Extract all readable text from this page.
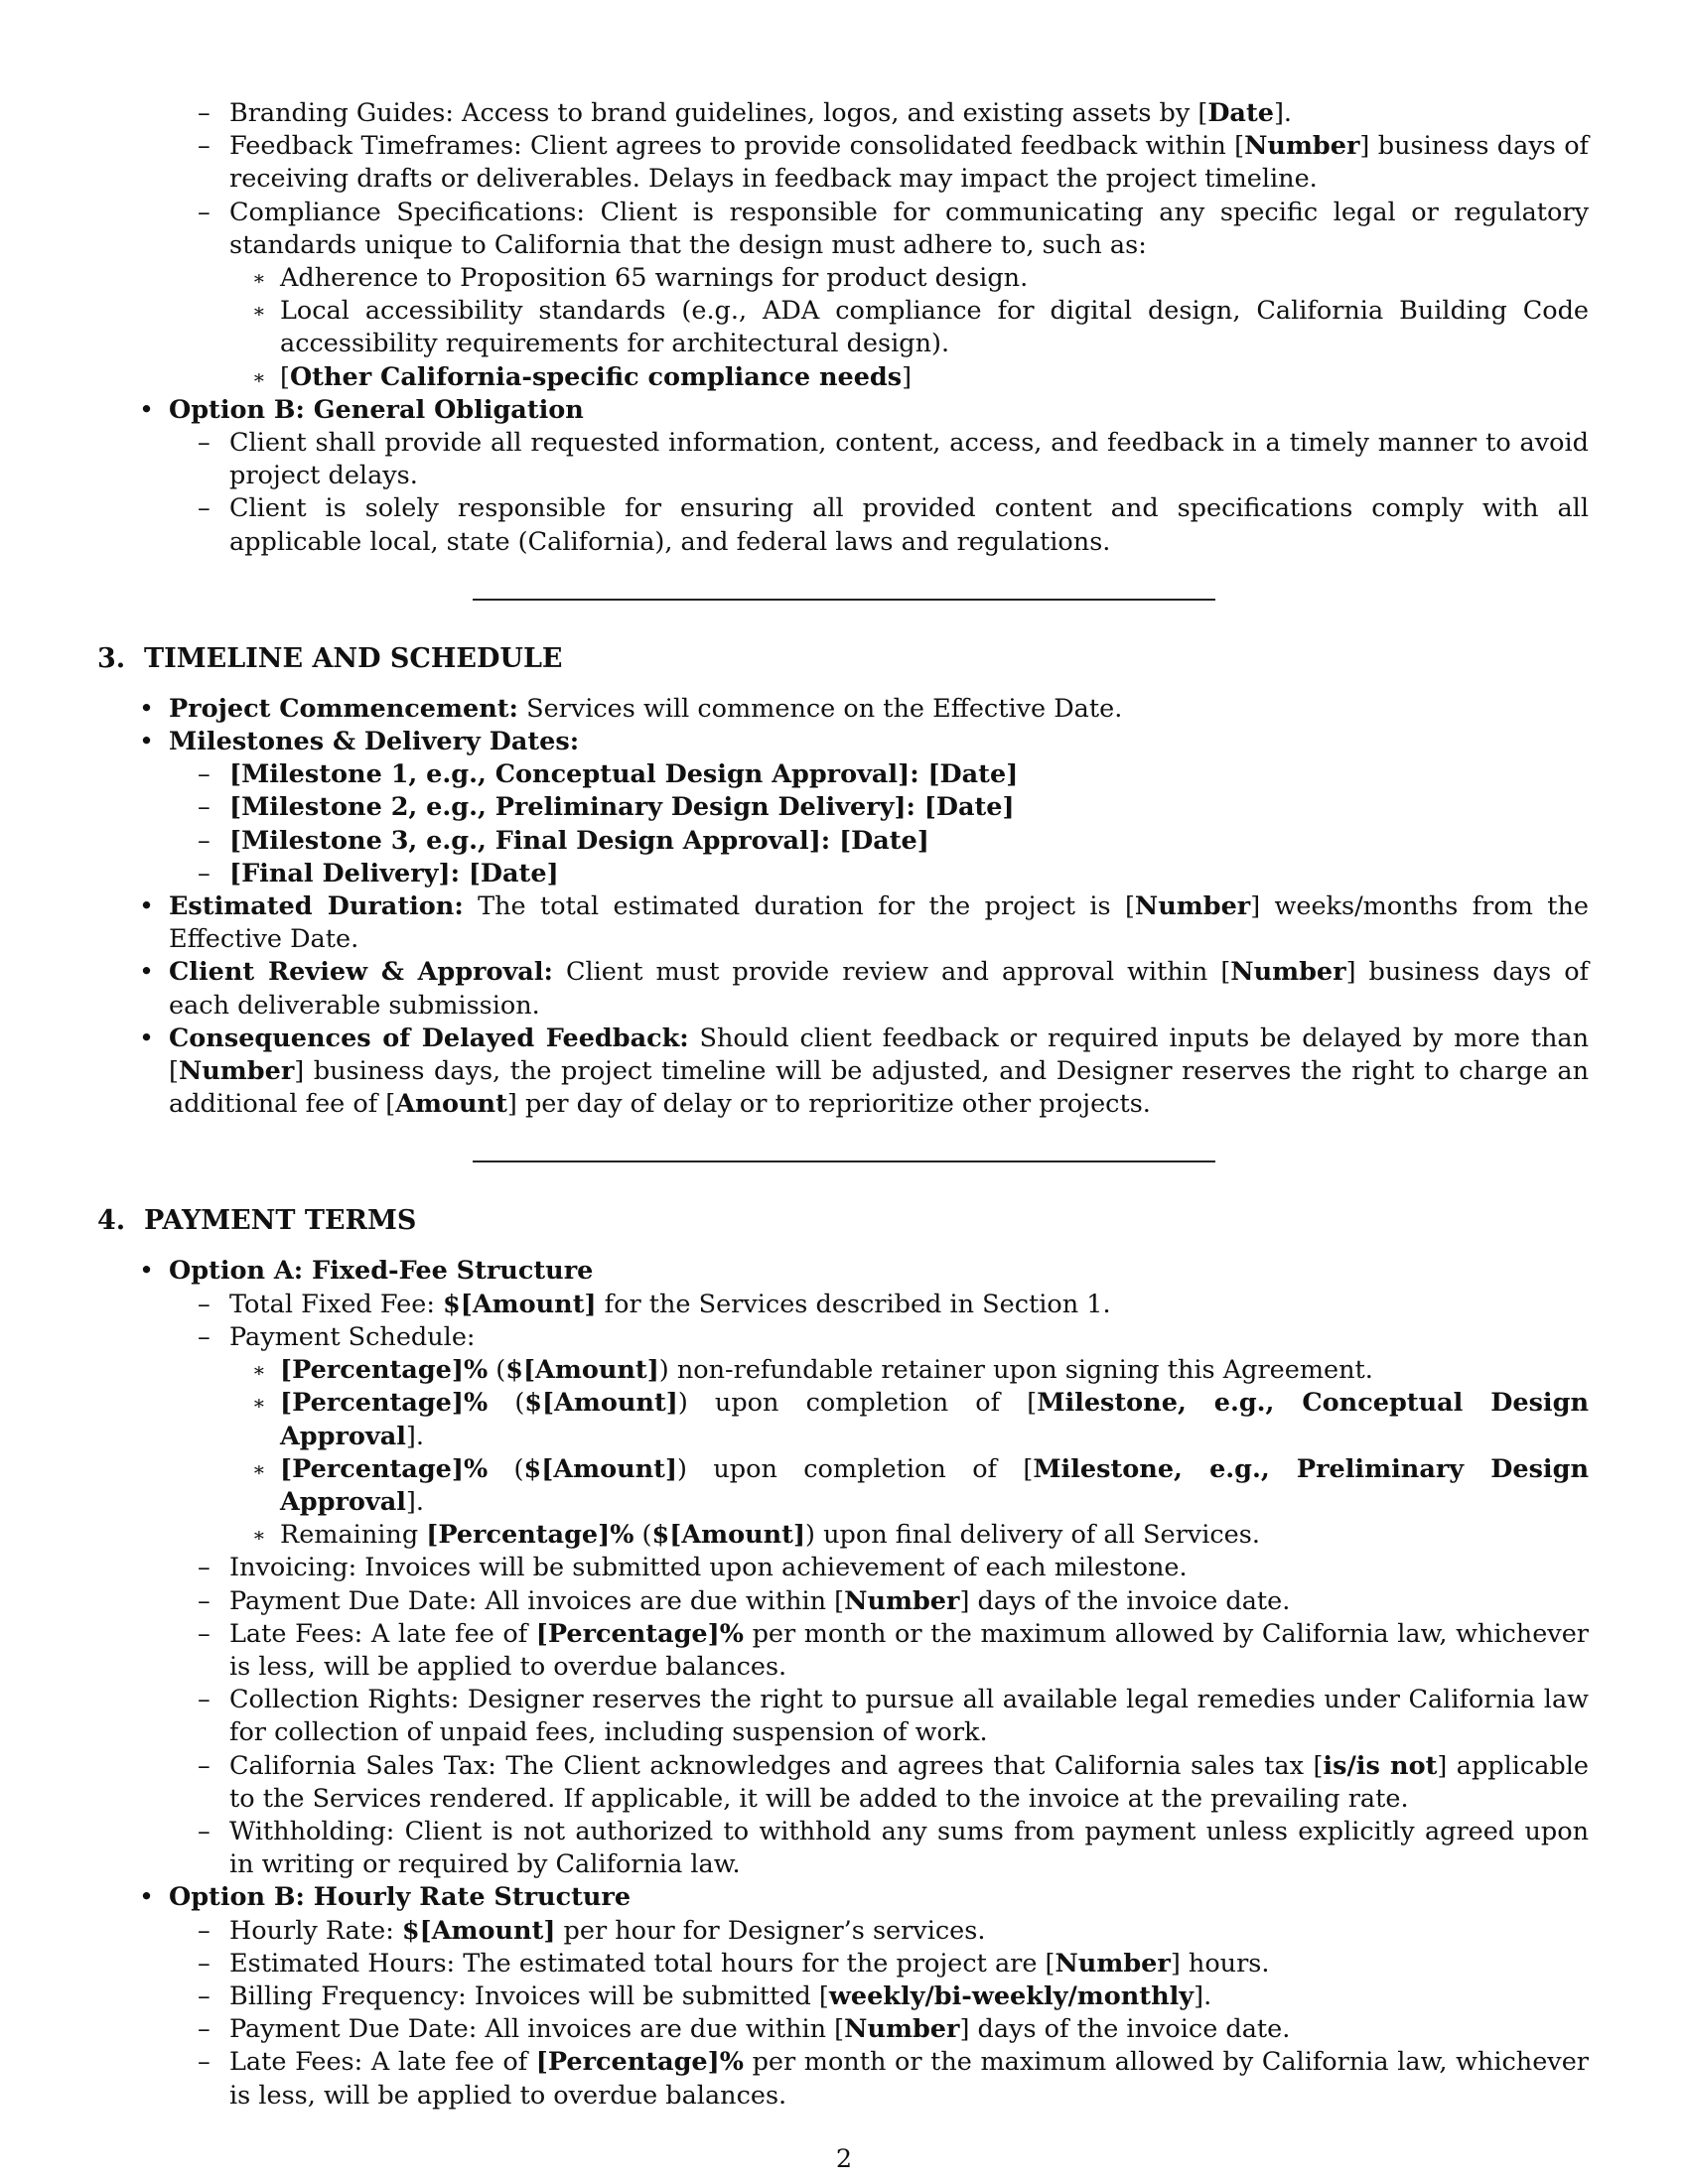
– Branding Guides: Access to brand guidelines, logos, and existing assets by [Date].
– Feedback Timeframes: Client agrees to provide consolidated feedback within [Number] business days of receiving drafts or deliverables. Delays in feedback may impact the project timeline.
– Compliance Specifications: Client is responsible for communicating any specific legal or regulatory standards unique to California that the design must adhere to, such as:
∗ Adherence to Proposition 65 warnings for product design.
∗ Local accessibility standards (e.g., ADA compliance for digital design, California Building Code accessibility requirements for architectural design).
∗ [Other California-specific compliance needs]
• Option B: General Obligation
– Client shall provide all requested information, content, access, and feedback in a timely manner to avoid project delays.
– Client is solely responsible for ensuring all provided content and specifications comply with all applicable local, state (California), and federal laws and regulations.
3. TIMELINE AND SCHEDULE
• Project Commencement: Services will commence on the Effective Date.
• Milestones & Delivery Dates:
– [Milestone 1, e.g., Conceptual Design Approval]: [Date]
– [Milestone 2, e.g., Preliminary Design Delivery]: [Date]
– [Milestone 3, e.g., Final Design Approval]: [Date]
– [Final Delivery]: [Date]
• Estimated Duration: The total estimated duration for the project is [Number] weeks/months from the Effective Date.
• Client Review & Approval: Client must provide review and approval within [Number] business days of each deliverable submission.
• Consequences of Delayed Feedback: Should client feedback or required inputs be delayed by more than [Number] business days, the project timeline will be adjusted, and Designer reserves the right to charge an additional fee of [Amount] per day of delay or to reprioritize other projects.
4. PAYMENT TERMS
• Option A: Fixed-Fee Structure
– Total Fixed Fee: $[Amount] for the Services described in Section 1.
– Payment Schedule:
∗ [Percentage]% ($[Amount]) non-refundable retainer upon signing this Agreement.
∗ [Percentage]% ($[Amount]) upon completion of [Milestone, e.g., Conceptual Design Approval].
∗ [Percentage]% ($[Amount]) upon completion of [Milestone, e.g., Preliminary Design Approval].
∗ Remaining [Percentage]% ($[Amount]) upon final delivery of all Services.
– Invoicing: Invoices will be submitted upon achievement of each milestone.
– Payment Due Date: All invoices are due within [Number] days of the invoice date.
– Late Fees: A late fee of [Percentage]% per month or the maximum allowed by California law, whichever is less, will be applied to overdue balances.
– Collection Rights: Designer reserves the right to pursue all available legal remedies under California law for collection of unpaid fees, including suspension of work.
– California Sales Tax: The Client acknowledges and agrees that California sales tax [is/is not] applicable to the Services rendered. If applicable, it will be added to the invoice at the prevailing rate.
– Withholding: Client is not authorized to withhold any sums from payment unless explicitly agreed upon in writing or required by California law.
• Option B: Hourly Rate Structure
– Hourly Rate: $[Amount] per hour for Designer’s services.
– Estimated Hours: The estimated total hours for the project are [Number] hours.
– Billing Frequency: Invoices will be submitted [weekly/bi-weekly/monthly].
– Payment Due Date: All invoices are due within [Number] days of the invoice date.
– Late Fees: A late fee of [Percentage]% per month or the maximum allowed by California law, whichever is less, will be applied to overdue balances.
2
